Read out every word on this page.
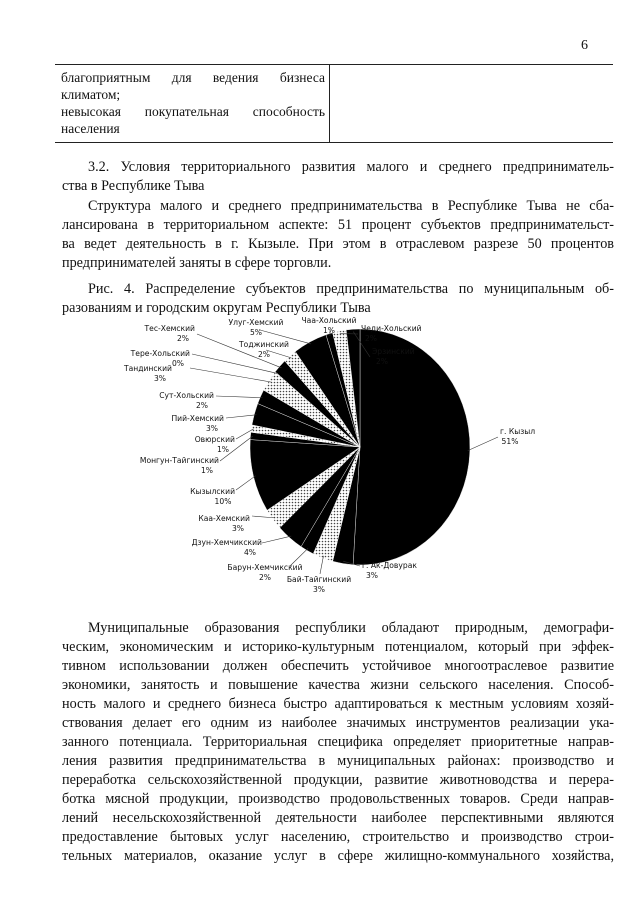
6
благоприятным для ведения бизнеса
климатом;
невысокая покупательная способность
населения
3.2. Условия территориального развития малого и среднего предприниматель-
ства в Республике Тыва
Структура малого и среднего предпринимательства в Республике Тыва не сба-
лансирована в территориальном аспекте: 51 процент субъектов предпринимательст-
ва ведет деятельность в г. Кызыле. При этом в отраслевом разрезе 50 процентов
предпринимателей заняты в сфере торговли.
Рис. 4. Распределение субъектов предпринимательства по муниципальным об-
разованиям и городским округам Республики Тыва
г. Кызыл
51%
г. Ак-Довурак
3%
Бай-Тайгинский
3%
Барун-Хемчикский
2%
Дзун-Хемчикский
4%
Каа-Хемский
3%
Кызылский
10%
Монгун-Тайгинский
1%
Овюрский
1%
Пий-Хемский
3%
Сут-Хольский
2%
Тандинский
3%
Тере-Хольский
0%
Тес-Хемский
2%
Тоджинский
2%
Улуг-Хемский
5%
Чаа-Хольский
1%	Чеди-Хольский
2%
Эрзинский
2%
Муниципальные образования республики обладают природным, демографи-
ческим, экономическим и историко-культурным потенциалом, который при эффек-
тивном использовании должен обеспечить устойчивое многоотраслевое развитие
экономики, занятость и повышение качества жизни сельского населения. Способ-
ность малого и среднего бизнеса быстро адаптироваться к местным условиям хозяй-
ствования делает его одним из наиболее значимых инструментов реализации ука-
занного потенциала. Территориальная специфика определяет приоритетные направ-
ления развития предпринимательства в муниципальных районах: производство и
переработка сельскохозяйственной продукции, развитие животноводства и перера-
ботка мясной продукции, производство продовольственных товаров. Среди направ-
лений несельскохозяйственной деятельности наиболее перспективными являются
предоставление бытовых услуг населению, строительство и производство строи-
тельных материалов, оказание услуг в сфере жилищно-коммунального хозяйства,
